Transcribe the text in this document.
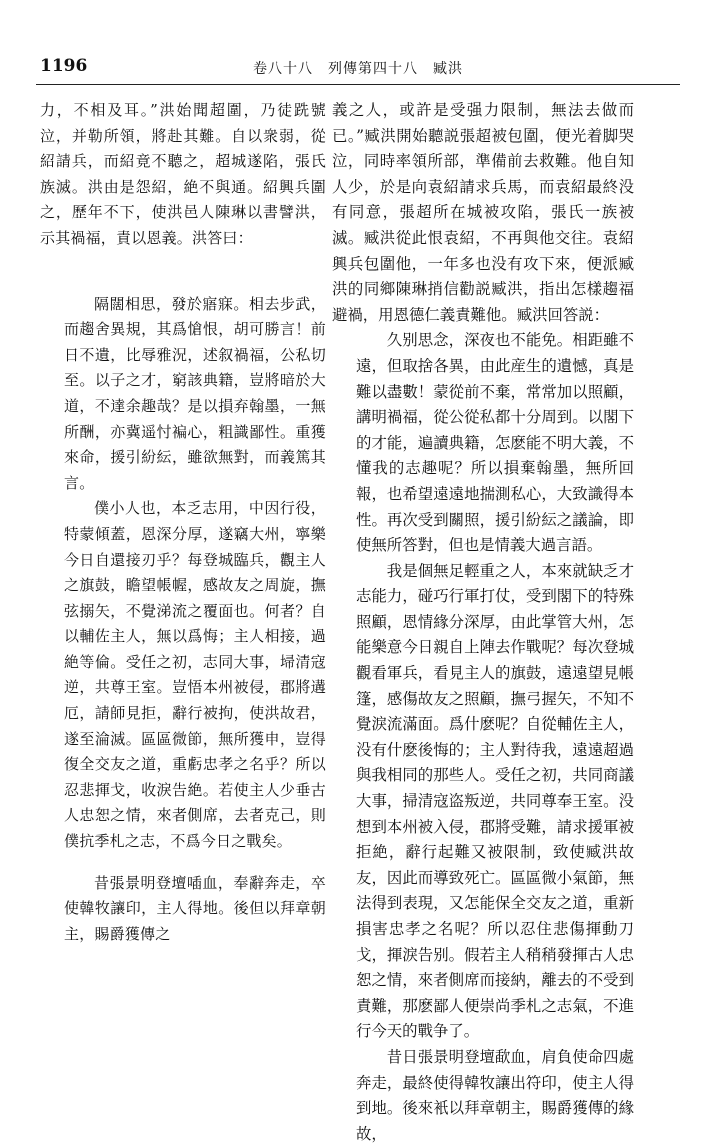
1196	卷八十八　列傳第四十八　臧洪

力，不相及耳。”洪始聞超圍，乃徒跣號泣，并勒所領，將赴其難。自以衆弱，從紹請兵，而紹竟不聽之，超城遂陷，張氏族滅。洪由是怨紹，絶不與通。紹興兵圍之，歷年不下，使洪邑人陳琳以書譬洪，示其禍福，責以恩義。洪答曰：

隔闊相思，發於寤寐。相去步武，而趨舍異規，其爲愴恨，胡可勝言！前日不遺，比辱雅況，述叙禍福，公私切至。以子之才，窮該典籍，豈將暗於大道，不達余趣哉？是以損弃翰墨，一無所酬，亦冀遥忖褊心，粗識鄙性。重獲來命，援引紛紜，雖欲無對，而義篤其言。

僕小人也，本乏志用，中因行役，特蒙傾蓋，恩深分厚，遂竊大州，寧樂今日自還接刃乎？每登城臨兵，觀主人之旗鼓，瞻望帳幄，感故友之周旋，撫弦搦矢，不覺涕流之覆面也。何者？自以輔佐主人，無以爲悔；主人相接，過絶等倫。受任之初，志同大事，埽清寇逆，共尊王室。豈悟本州被侵，郡將遘厄，請師見拒，辭行被拘，使洪故君，遂至淪滅。區區微節，無所獲申，豈得復全交友之道，重虧忠孝之名乎？所以忍悲揮戈，收淚告絶。若使主人少垂古人忠恕之情，來者側席，去者克己，則僕抗季札之志，不爲今日之戰矣。

昔張景明登壇喢血，奉辭奔走，卒使韓牧讓印，主人得地。後但以拜章朝主，賜爵獲傳之

義之人，或許是受强力限制，無法去做而已。”臧洪開始聽説張超被包圍，便光着脚哭泣，同時率領所部，準備前去救難。他自知人少，於是向袁紹請求兵馬，而袁紹最終没有同意，張超所在城被攻陷，張氏一族被滅。臧洪從此恨袁紹，不再與他交往。袁紹興兵包圍他，一年多也没有攻下來，便派臧洪的同鄉陳琳捎信勸説臧洪，指出怎樣趨福避禍，用恩德仁義責難他。臧洪回答説：

久别思念，深夜也不能免。相距雖不遠，但取捨各異，由此産生的遺憾，真是難以盡數！蒙從前不棄，常常加以照顧，講明禍福，從公從私都十分周到。以閣下的才能，遍讀典籍，怎麽能不明大義，不懂我的志趣呢？所以損棄翰墨，無所回報，也希望遠遠地揣測私心，大致識得本性。再次受到關照，援引紛紜之議論，即使無所答對，但也是情義大過言語。

我是個無足輕重之人，本來就缺乏才志能力，碰巧行軍打仗，受到閣下的特殊照顧，恩情緣分深厚，由此掌管大州，怎能樂意今日親自上陣去作戰呢？每次登城觀看軍兵，看見主人的旗鼓，遠遠望見帳篷，感傷故友之照顧，撫弓握矢，不知不覺淚流滿面。爲什麽呢？自從輔佐主人，没有什麽後悔的；主人對待我，遠遠超過與我相同的那些人。受任之初，共同商議大事，掃清寇盗叛逆，共同尊奉王室。没想到本州被入侵，郡將受難，請求援軍被拒絶，辭行起難又被限制，致使臧洪故友，因此而導致死亡。區區微小氣節，無法得到表現，又怎能保全交友之道，重新損害忠孝之名呢？所以忍住悲傷揮動刀戈，揮淚告别。假若主人稍稍發揮古人忠恕之情，來者側席而接納，離去的不受到責難，那麽鄙人便崇尚季札之志氣，不進行今天的戰争了。

昔日張景明登壇歃血，肩負使命四處奔走，最終使得韓牧讓出符印，使主人得到地。後來衹以拜章朝主，賜爵獲傳的緣故，
